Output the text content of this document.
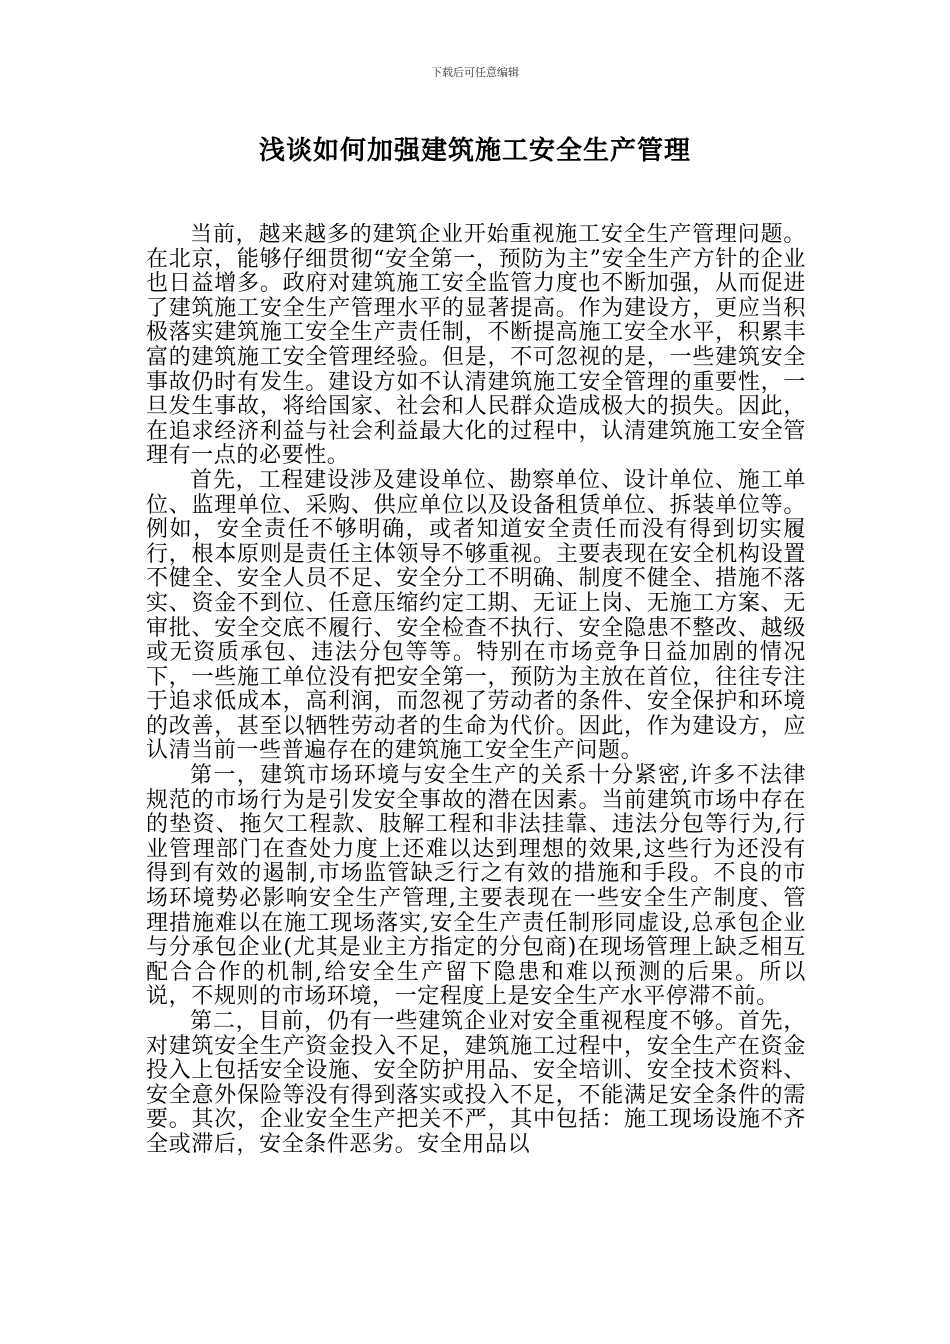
下载后可任意编辑
浅谈如何加强建筑施工安全生产管理

当前，越来越多的建筑企业开始重视施工安全生产管理问题。在北京，能够仔细贯彻“安全第一，预防为主”安全生产方针的企业也日益增多。政府对建筑施工安全监管力度也不断加强，从而促进了建筑施工安全生产管理水平的显著提高。作为建设方，更应当积极落实建筑施工安全生产责任制，不断提高施工安全水平，积累丰富的建筑施工安全管理经验。但是，不可忽视的是，一些建筑安全事故仍时有发生。建设方如不认清建筑施工安全管理的重要性，一旦发生事故，将给国家、社会和人民群众造成极大的损失。因此，在追求经济利益与社会利益最大化的过程中，认清建筑施工安全管理有一点的必要性。

首先，工程建设涉及建设单位、勘察单位、设计单位、施工单位、监理单位、采购、供应单位以及设备租赁单位、拆装单位等。例如，安全责任不够明确，或者知道安全责任而没有得到切实履行，根本原则是责任主体领导不够重视。主要表现在安全机构设置不健全、安全人员不足、安全分工不明确、制度不健全、措施不落实、资金不到位、任意压缩约定工期、无证上岗、无施工方案、无审批、安全交底不履行、安全检查不执行、安全隐患不整改、越级或无资质承包、违法分包等等。特别在市场竞争日益加剧的情况下，一些施工单位没有把安全第一，预防为主放在首位，往往专注于追求低成本，高利润，而忽视了劳动者的条件、安全保护和环境的改善，甚至以牺牲劳动者的生命为代价。因此，作为建设方，应认清当前一些普遍存在的建筑施工安全生产问题。

第一，建筑市场环境与安全生产的关系十分紧密,许多不法律规范的市场行为是引发安全事故的潜在因素。当前建筑市场中存在的垫资、拖欠工程款、肢解工程和非法挂靠、违法分包等行为,行业管理部门在查处力度上还难以达到理想的效果,这些行为还没有得到有效的遏制,市场监管缺乏行之有效的措施和手段。不良的市场环境势必影响安全生产管理,主要表现在一些安全生产制度、管理措施难以在施工现场落实,安全生产责任制形同虚设,总承包企业与分承包企业(尤其是业主方指定的分包商)在现场管理上缺乏相互配合合作的机制,给安全生产留下隐患和难以预测的后果。所以说，不规则的市场环境，一定程度上是安全生产水平停滞不前。

第二，目前，仍有一些建筑企业对安全重视程度不够。首先，对建筑安全生产资金投入不足，建筑施工过程中，安全生产在资金投入上包括安全设施、安全防护用品、安全培训、安全技术资料、安全意外保险等没有得到落实或投入不足，不能满足安全条件的需要。其次，企业安全生产把关不严，其中包括：施工现场设施不齐全或滞后，安全条件恶劣。安全用品以
